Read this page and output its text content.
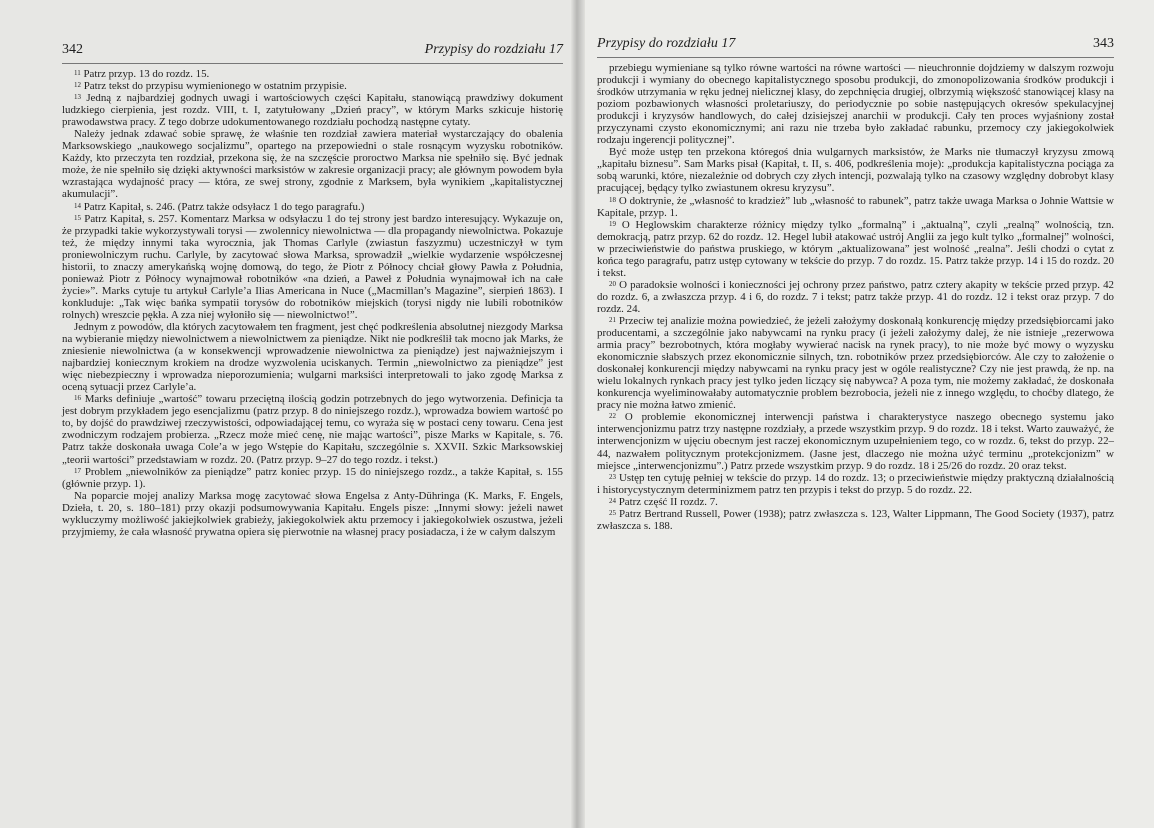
342	Przypisy do rozdziału 17

$^{11}$ Patrz przyp. 13 do rozdz. 15.

$^{12}$ Patrz tekst do przypisu wymienionego w ostatnim przypisie.

$^{13}$ Jedną z najbardziej godnych uwagi i wartościowych części Kapitału, stanowiącą prawdziwy dokument ludzkiego cierpienia, jest rozdz. VIII, t. I, zatytułowany „Dzień pracy”, w którym Marks szkicuje historię prawodawstwa pracy. Z tego dobrze udokumentowanego rozdziału pochodzą następne cytaty.

Należy jednak zdawać sobie sprawę, że właśnie ten rozdział zawiera materiał wystarczający do obalenia Marksowskiego „naukowego socjalizmu”, opartego na przepowiedni o stale rosnącym wyzysku robotników. Każdy, kto przeczyta ten rozdział, przekona się, że na szczęście proroctwo Marksa nie spełniło się. Być jednak może, że nie spełniło się dzięki aktywności marksistów w zakresie organizacji pracy; ale głównym powodem była wzrastająca wydajność pracy — która, ze swej strony, zgodnie z Marksem, była wynikiem „kapitalistycznej akumulacji”.

$^{14}$ Patrz Kapitał, s. 246. (Patrz także odsyłacz 1 do tego paragrafu.)

$^{15}$ Patrz Kapitał, s. 257. Komentarz Marksa w odsyłaczu 1 do tej strony jest bardzo interesujący. Wykazuje on, że przypadki takie wykorzystywali torysi — zwolennicy niewolnictwa — dla propagandy niewolnictwa. Pokazuje też, że między innymi taka wyrocznia, jak Thomas Carlyle (zwiastun faszyzmu) uczestniczył w tym proniewolniczym ruchu. Carlyle, by zacytować słowa Marksa, sprowadził „wielkie wydarzenie współczesnej historii, to znaczy amerykańską wojnę domową, do tego, że Piotr z Północy chciał głowy Pawła z Południa, ponieważ Piotr z Północy wynajmował robotników «na dzień, a Paweł z Południa wynajmował ich na całe życie»”. Marks cytuje tu artykuł Carlyle’a Ilias Americana in Nuce („Macmillan’s Magazine”, sierpień 1863). I konkluduje: „Tak więc bańka sympatii torysów do robotników miejskich (torysi nigdy nie lubili robotników rolnych) wreszcie pękła. A zza niej wyłoniło się — niewolnictwo!”.

Jednym z powodów, dla których zacytowałem ten fragment, jest chęć podkreślenia absolutnej niezgody Marksa na wybieranie między niewolnictwem a niewolnictwem za pieniądze. Nikt nie podkreślił tak mocno jak Marks, że zniesienie niewolnictwa (a w konsekwencji wprowadzenie niewolnictwa za pieniądze) jest najważniejszym i najbardziej koniecznym krokiem na drodze wyzwolenia uciskanych. Termin „niewolnictwo za pieniądze” jest więc niebezpieczny i wprowadza nieporozumienia; wulgarni marksiści interpretowali to jako zgodę Marksa z oceną sytuacji przez Carlyle’a.

$^{16}$ Marks definiuje „wartość” towaru przeciętną ilością godzin potrzebnych do jego wytworzenia. Definicja ta jest dobrym przykładem jego esencjalizmu (patrz przyp. 8 do niniejszego rozdz.), wprowadza bowiem wartość po to, by dojść do prawdziwej rzeczywistości, odpowiadającej temu, co wyraża się w postaci ceny towaru. Cena jest zwodniczym rodzajem probierza. „Rzecz może mieć cenę, nie mając wartości”, pisze Marks w Kapitale, s. 76. Patrz także doskonała uwaga Cole’a w jego Wstępie do Kapitału, szczególnie s. XXVII. Szkic Marksowskiej „teorii wartości” przedstawiam w rozdz. 20. (Patrz przyp. 9–27 do tego rozdz. i tekst.)

$^{17}$ Problem „niewolników za pieniądze” patrz koniec przyp. 15 do niniejszego rozdz., a także Kapitał, s. 155 (głównie przyp. 1).

Na poparcie mojej analizy Marksa mogę zacytować słowa Engelsa z Anty-Dühringa (K. Marks, F. Engels, Dzieła, t. 20, s. 180–181) przy okazji podsumowywania Kapitału. Engels pisze: „Innymi słowy: jeżeli nawet wykluczymy możliwość jakiejkolwiek grabieży, jakiegokolwiek aktu przemocy i jakiegokolwiek oszustwa, jeżeli przyjmiemy, że cała własność prywatna opiera się pierwotnie na własnej pracy posiadacza, i że w całym dalszym

Przypisy do rozdziału 17	343

przebiegu wymieniane są tylko równe wartości na równe wartości — nieuchronnie dojdziemy w dalszym rozwoju produkcji i wymiany do obecnego kapitalistycznego sposobu produkcji, do zmonopolizowania środków produkcji i środków utrzymania w ręku jednej nielicznej klasy, do zepchnięcia drugiej, olbrzymią większość stanowiącej klasy na poziom pozbawionych własności proletariuszy, do periodycznie po sobie następujących okresów spekulacyjnej produkcji i kryzysów handlowych, do całej dzisiejszej anarchii w produkcji. Cały ten proces wyjaśniony został przyczynami czysto ekonomicznymi; ani razu nie trzeba było zakładać rabunku, przemocy czy jakiegokolwiek rodzaju ingerencji politycznej”.

Być może ustęp ten przekona któregoś dnia wulgarnych marksistów, że Marks nie tłumaczył kryzysu zmową „kapitału biznesu”. Sam Marks pisał (Kapitał, t. II, s. 406, podkreślenia moje): „produkcja kapitalistyczna pociąga za sobą warunki, które, niezależnie od dobrych czy złych intencji, pozwalają tylko na czasowy względny dobrobyt klasy pracującej, będący tylko zwiastunem okresu kryzysu”.

$^{18}$ O doktrynie, że „własność to kradzież” lub „własność to rabunek”, patrz także uwaga Marksa o Johnie Wattsie w Kapitale, przyp. 1.

$^{19}$ O Heglowskim charakterze różnicy między tylko „formalną” i „aktualną”, czyli „realną” wolnością, tzn. demokracją, patrz przyp. 62 do rozdz. 12. Hegel lubił atakować ustrój Anglii za jego kult tylko „formalnej” wolności, w przeciwieństwie do państwa pruskiego, w którym „aktualizowana” jest wolność „realna”. Jeśli chodzi o cytat z końca tego paragrafu, patrz ustęp cytowany w tekście do przyp. 7 do rozdz. 15. Patrz także przyp. 14 i 15 do rozdz. 20 i tekst.

$^{20}$ O paradoksie wolności i konieczności jej ochrony przez państwo, patrz cztery akapity w tekście przed przyp. 42 do rozdz. 6, a zwłaszcza przyp. 4 i 6, do rozdz. 7 i tekst; patrz także przyp. 41 do rozdz. 12 i tekst oraz przyp. 7 do rozdz. 24.

$^{21}$ Przeciw tej analizie można powiedzieć, że jeżeli założymy doskonałą konkurencję między przedsiębiorcami jako producentami, a szczególnie jako nabywcami na rynku pracy (i jeżeli założymy dalej, że nie istnieje „rezerwowa armia pracy” bezrobotnych, która mogłaby wywierać nacisk na rynek pracy), to nie może być mowy o wyzysku ekonomicznie słabszych przez ekonomicznie silnych, tzn. robotników przez przedsiębiorców. Ale czy to założenie o doskonałej konkurencji między nabywcami na rynku pracy jest w ogóle realistyczne? Czy nie jest prawdą, że np. na wielu lokalnych rynkach pracy jest tylko jeden liczący się nabywca? A poza tym, nie możemy zakładać, że doskonała konkurencja wyeliminowałaby automatycznie problem bezrobocia, jeżeli nie z innego względu, to choćby dlatego, że pracy nie można łatwo zmienić.

$^{22}$ O problemie ekonomicznej interwencji państwa i charakterystyce naszego obecnego systemu jako interwencjonizmu patrz trzy następne rozdziały, a przede wszystkim przyp. 9 do rozdz. 18 i tekst. Warto zauważyć, że interwencjonizm w ujęciu obecnym jest raczej ekonomicznym uzupełnieniem tego, co w rozdz. 6, tekst do przyp. 22–44, nazwałem politycznym protekcjonizmem. (Jasne jest, dlaczego nie można użyć terminu „protekcjonizm” w miejsce „interwencjonizmu”.) Patrz przede wszystkim przyp. 9 do rozdz. 18 i 25/26 do rozdz. 20 oraz tekst.

$^{23}$ Ustęp ten cytuję pełniej w tekście do przyp. 14 do rozdz. 13; o przeciwieństwie między praktyczną działalnością i historycystycznym determinizmem patrz ten przypis i tekst do przyp. 5 do rozdz. 22.

$^{24}$ Patrz część II rozdz. 7.

$^{25}$ Patrz Bertrand Russell, Power (1938); patrz zwłaszcza s. 123, Walter Lippmann, The Good Society (1937), patrz zwłaszcza s. 188.
